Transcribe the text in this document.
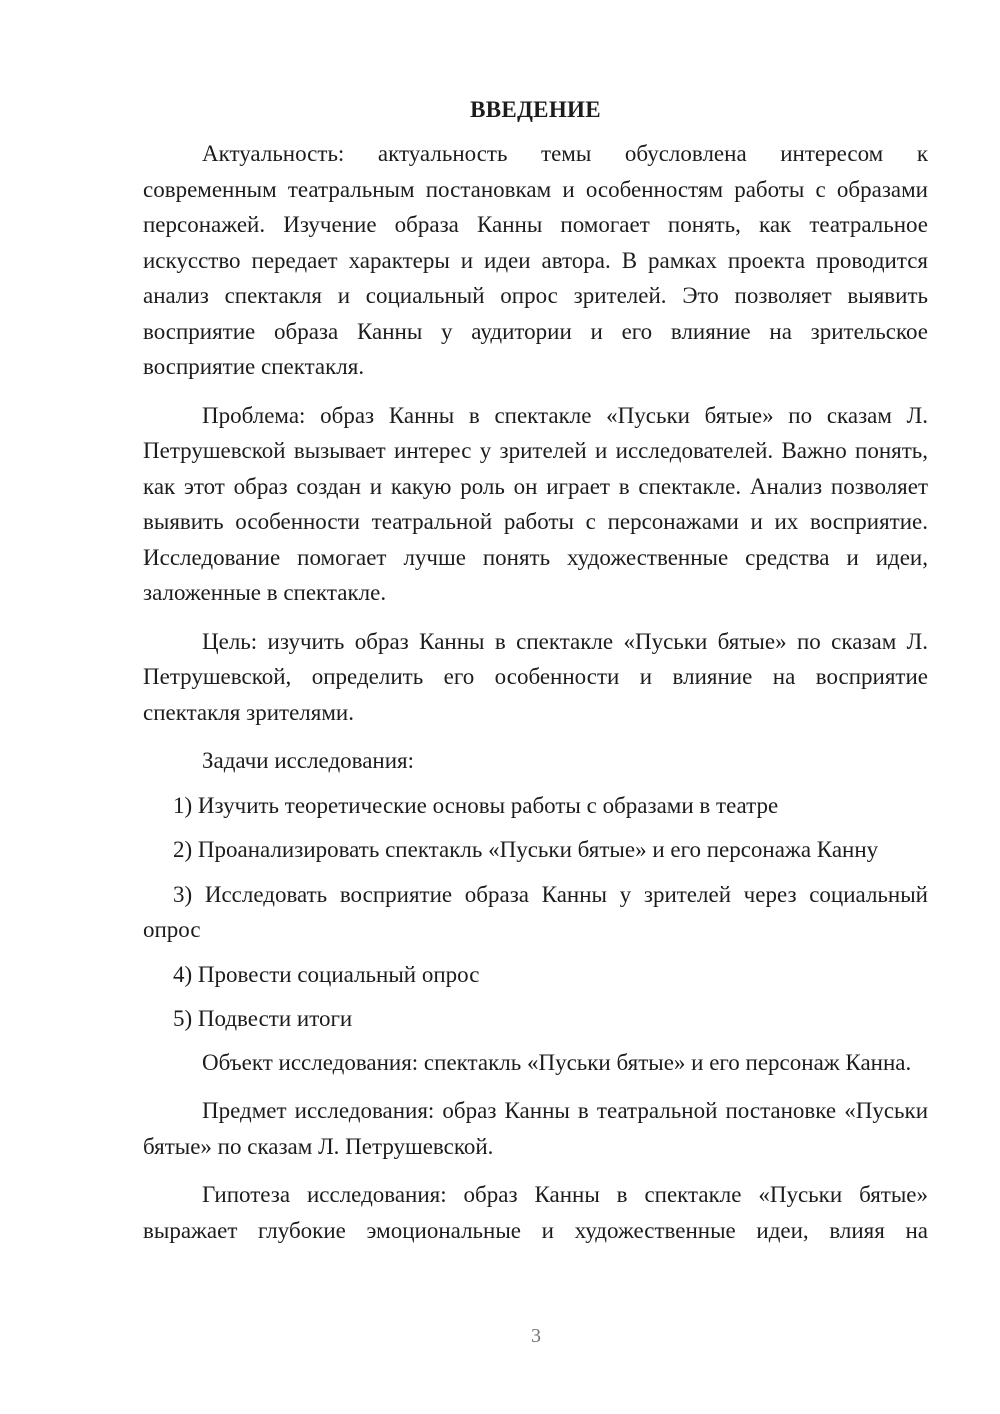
ВВЕДЕНИЕ

Актуальность: актуальность темы обусловлена интересом к современным театральным постановкам и особенностям работы с образами персонажей. Изучение образа Канны помогает понять, как театральное искусство передает характеры и идеи автора. В рамках проекта проводится анализ спектакля и социальный опрос зрителей. Это позволяет выявить восприятие образа Канны у аудитории и его влияние на зрительское восприятие спектакля.

Проблема: образ Канны в спектакле «Пуськи бятые» по сказам Л. Петрушевской вызывает интерес у зрителей и исследователей. Важно понять, как этот образ создан и какую роль он играет в спектакле. Анализ позволяет выявить особенности театральной работы с персонажами и их восприятие. Исследование помогает лучше понять художественные средства и идеи, заложенные в спектакле.

Цель: изучить образ Канны в спектакле «Пуськи бятые» по сказам Л. Петрушевской, определить его особенности и влияние на восприятие спектакля зрителями.

Задачи исследования:

1) Изучить теоретические основы работы с образами в театре

2) Проанализировать спектакль «Пуськи бятые» и его персонажа Канну

3) Исследовать восприятие образа Канны у зрителей через социальный опрос

4) Провести социальный опрос

5) Подвести итоги

Объект исследования: спектакль «Пуськи бятые» и его персонаж Канна.

Предмет исследования: образ Канны в театральной постановке «Пуськи бятые» по сказам Л. Петрушевской.

Гипотеза исследования: образ Канны в спектакле «Пуськи бятые» выражает глубокие эмоциональные и художественные идеи, влияя на

3
